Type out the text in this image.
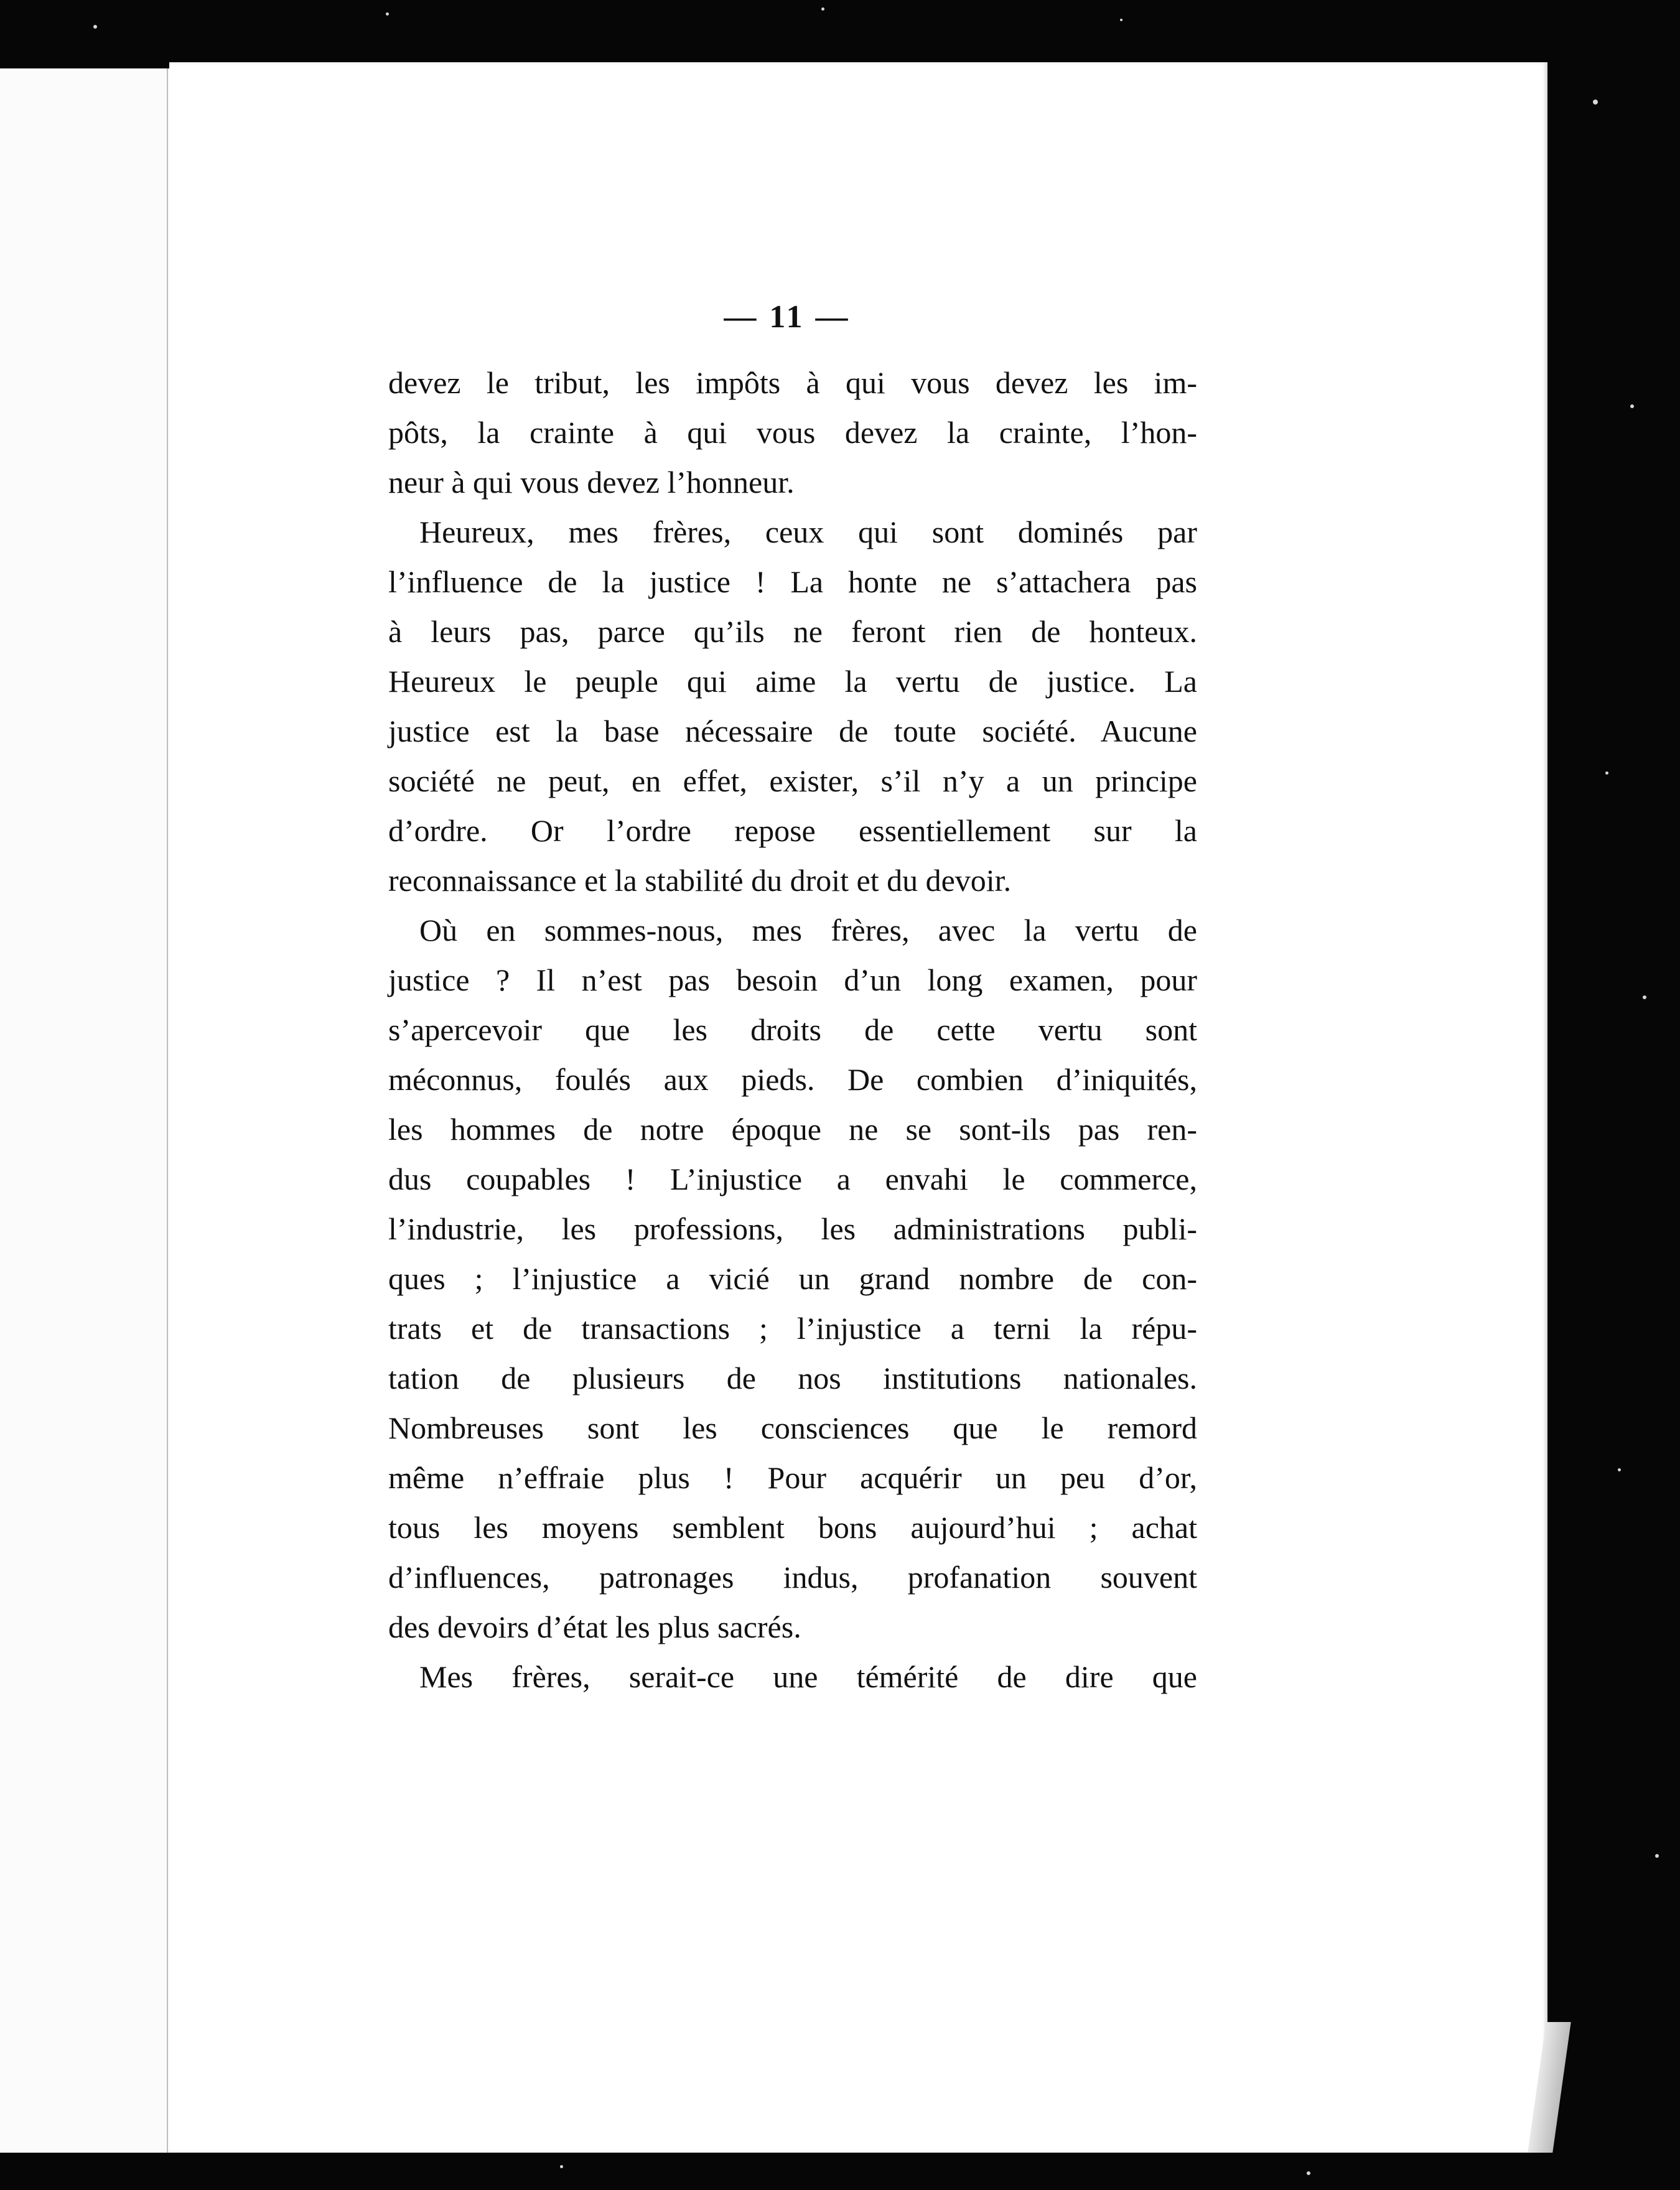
— 11 —
devez le tribut, les impôts à qui vous devez les im-
pôts, la crainte à qui vous devez la crainte, l’hon-
neur à qui vous devez l’honneur.
Heureux, mes frères, ceux qui sont dominés par
l’influence de la justice ! La honte ne s’attachera pas
à leurs pas, parce qu’ils ne feront rien de honteux.
Heureux le peuple qui aime la vertu de justice. La
justice est la base nécessaire de toute société. Aucune
société ne peut, en effet, exister, s’il n’y a un principe
d’ordre. Or l’ordre repose essentiellement sur la
reconnaissance et la stabilité du droit et du devoir.
Où en sommes-nous, mes frères, avec la vertu de
justice ? Il n’est pas besoin d’un long examen, pour
s’apercevoir que les droits de cette vertu sont
méconnus, foulés aux pieds. De combien d’iniquités,
les hommes de notre époque ne se sont-ils pas ren-
dus coupables ! L’injustice a envahi le commerce,
l’industrie, les professions, les administrations publi-
ques ; l’injustice a vicié un grand nombre de con-
trats et de transactions ; l’injustice a terni la répu-
tation de plusieurs de nos institutions nationales.
Nombreuses sont les consciences que le remord
même n’effraie plus ! Pour acquérir un peu d’or,
tous les moyens semblent bons aujourd’hui ; achat
d’influences, patronages indus, profanation souvent
des devoirs d’état les plus sacrés.
Mes frères, serait-ce une témérité de dire que
